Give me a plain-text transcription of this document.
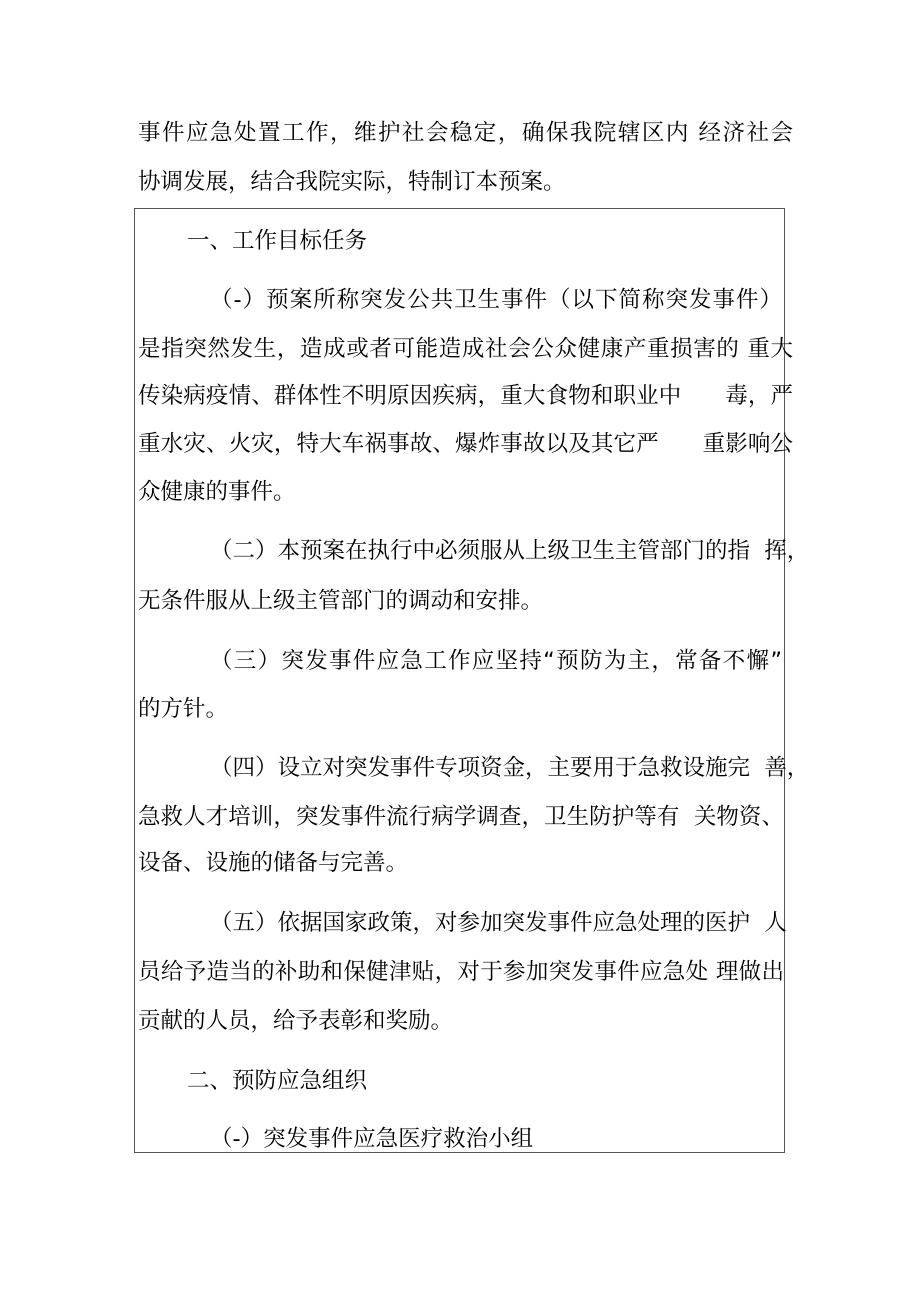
事件应急处置工作，维护社会稳定，确保我院辖区内 经济社会
协调发展，结合我院实际，特制订本预案。
一、工作目标任务
（-）预案所称突发公共卫生事件（以下简称突发事件）
是指突然发生，造成或者可能造成社会公众健康产重损害的 重大
传染病疫情、群体性不明原因疾病，重大食物和职业中      毒，严
重水灾、火灾，特大车祸事故、爆炸事故以及其它严      重影响公
众健康的事件。
（二）本预案在执行中必须服从上级卫生主管部门的指  挥，
无条件服从上级主管部门的调动和安排。
（三）突发事件应急工作应坚持“预防为主，常备不懈”
的方针。
（四）设立对突发事件专项资金，主要用于急救设施完  善，
急救人才培训，突发事件流行病学调查，卫生防护等有  关物资、
设备、设施的储备与完善。
（五）依据国家政策，对参加突发事件应急处理的医护  人
员给予造当的补助和保健津贴，对于参加突发事件应急处 理做出
贡献的人员，给予表彰和奖励。
二、预防应急组织
（-）突发事件应急医疗救治小组
